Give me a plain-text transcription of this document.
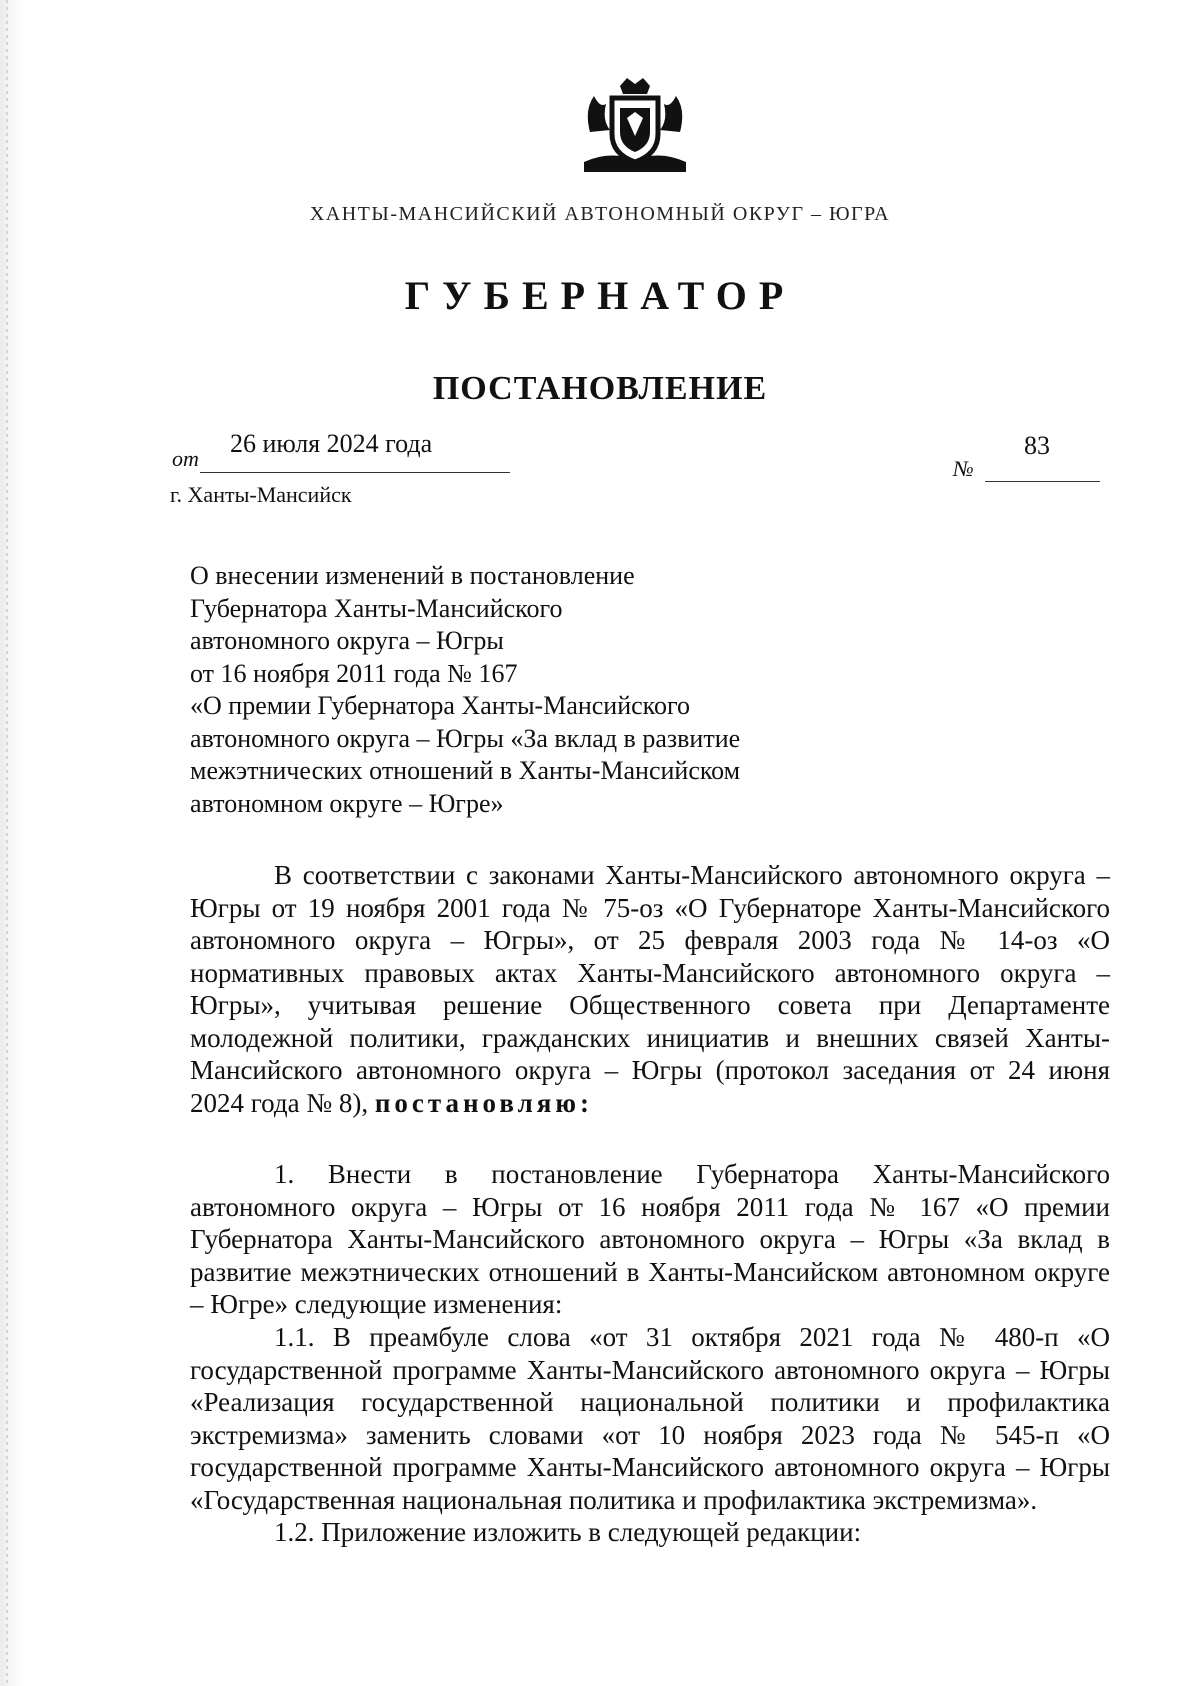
ХАНТЫ-МАНСИЙСКИЙ АВТОНОМНЫЙ ОКРУГ – ЮГРА
ГУБЕРНАТОР
ПОСТАНОВЛЕНИЕ
от
26 июля 2024 года
№
83
г. Ханты-Мансийск
О внесении изменений в постановление
Губернатора Ханты-Мансийского
автономного округа – Югры
от 16 ноября 2011 года № 167
«О премии Губернатора Ханты-Мансийского
автономного округа – Югры «За вклад в развитие
межэтнических отношений в Ханты-Мансийском
автономном округе – Югре»

В соответствии с законами Ханты-Мансийского автономного округа – Югры от 19 ноября 2001 года № 75-оз «О Губернаторе Ханты-Мансийского автономного округа – Югры», от 25 февраля 2003 года № 14-оз «О нормативных правовых актах Ханты-Мансийского автономного округа – Югры», учитывая решение Общественного совета при Департаменте молодежной политики, гражданских инициатив и внешних связей Ханты-Мансийского автономного округа – Югры (протокол заседания от 24 июня 2024 года № 8), постановляю:

1. Внести в постановление Губернатора Ханты-Мансийского автономного округа – Югры от 16 ноября 2011 года № 167 «О премии Губернатора Ханты-Мансийского автономного округа – Югры «За вклад в развитие межэтнических отношений в Ханты-Мансийском автономном округе – Югре» следующие изменения:

1.1. В преамбуле слова «от 31 октября 2021 года № 480-п «О государственной программе Ханты-Мансийского автономного округа – Югры «Реализация государственной национальной политики и профилактика экстремизма» заменить словами «от 10 ноября 2023 года № 545-п «О государственной программе Ханты-Мансийского автономного округа – Югры «Государственная национальная политика и профилактика экстремизма».

1.2. Приложение изложить в следующей редакции:
